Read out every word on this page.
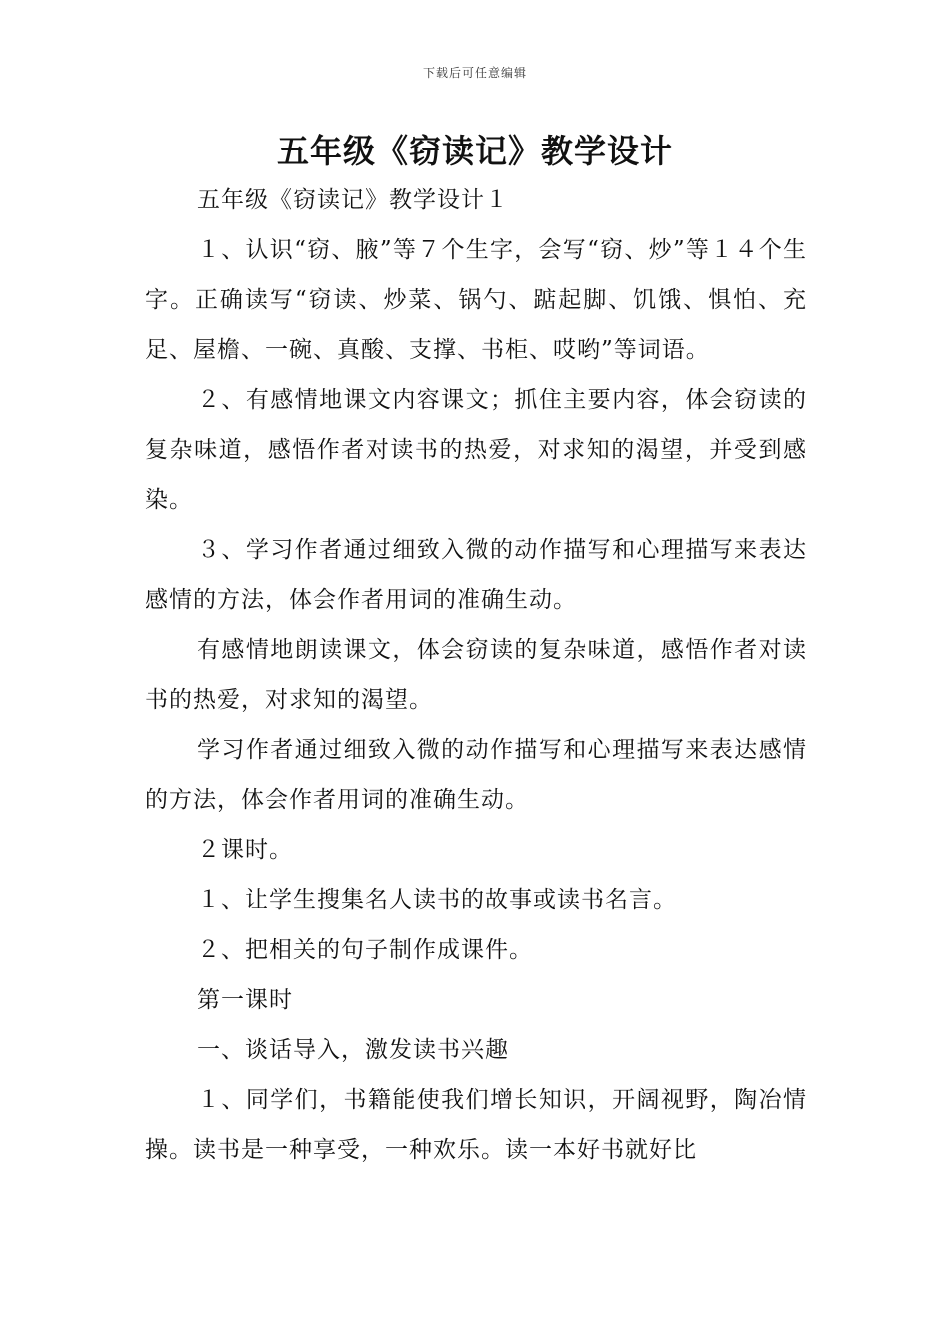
下载后可任意编辑
五年级《窃读记》教学设计

五年级《窃读记》教学设计１

１、认识“窃、腋”等７个生字，会写“窃、炒”等１４个生字。正确读写“窃读、炒菜、锅勺、踮起脚、饥饿、惧怕、充足、屋檐、一碗、真酸、支撑、书柜、哎哟”等词语。

２、有感情地课文内容课文；抓住主要内容，体会窃读的复杂味道，感悟作者对读书的热爱，对求知的渴望，并受到感染。

３、学习作者通过细致入微的动作描写和心理描写来表达感情的方法，体会作者用词的准确生动。

有感情地朗读课文，体会窃读的复杂味道，感悟作者对读书的热爱，对求知的渴望。

学习作者通过细致入微的动作描写和心理描写来表达感情的方法，体会作者用词的准确生动。

２课时。

１、让学生搜集名人读书的故事或读书名言。

２、把相关的句子制作成课件。

第一课时

一、谈话导入，激发读书兴趣

１、同学们，书籍能使我们增长知识，开阔视野，陶冶情操。读书是一种享受，一种欢乐。读一本好书就好比
